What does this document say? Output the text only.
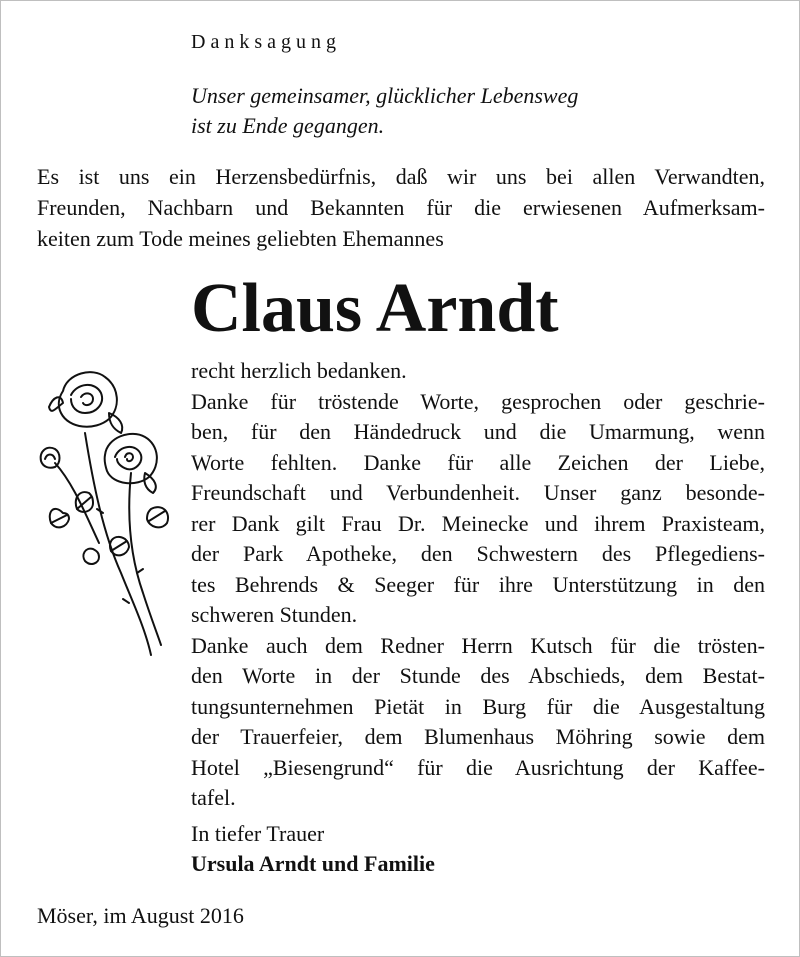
Danksagung
Unser gemeinsamer, glücklicher Lebensweg
ist zu Ende gegangen.
Es ist uns ein Herzensbedürfnis, daß wir uns bei allen Verwandten,
Freunden, Nachbarn und Bekannten für die erwiesenen Aufmerksam-
keiten zum Tode meines geliebten Ehemannes
Claus Arndt
recht herzlich bedanken.
Danke für tröstende Worte, gesprochen oder geschrie-
ben, für den Händedruck und die Umarmung, wenn
Worte fehlten. Danke für alle Zeichen der Liebe,
Freundschaft und Verbundenheit. Unser ganz besonde-
rer Dank gilt Frau Dr. Meinecke und ihrem Praxisteam,
der Park Apotheke, den Schwestern des Pflegediens-
tes Behrends & Seeger für ihre Unterstützung in den
schweren Stunden.
Danke auch dem Redner Herrn Kutsch für die trösten-
den Worte in der Stunde des Abschieds, dem Bestat-
tungsunternehmen Pietät in Burg für die Ausgestaltung
der Trauerfeier, dem Blumenhaus Möhring sowie dem
Hotel „Biesengrund“ für die Ausrichtung der Kaffee-
tafel.
In tiefer Trauer
Ursula Arndt und Familie
Möser, im August 2016
